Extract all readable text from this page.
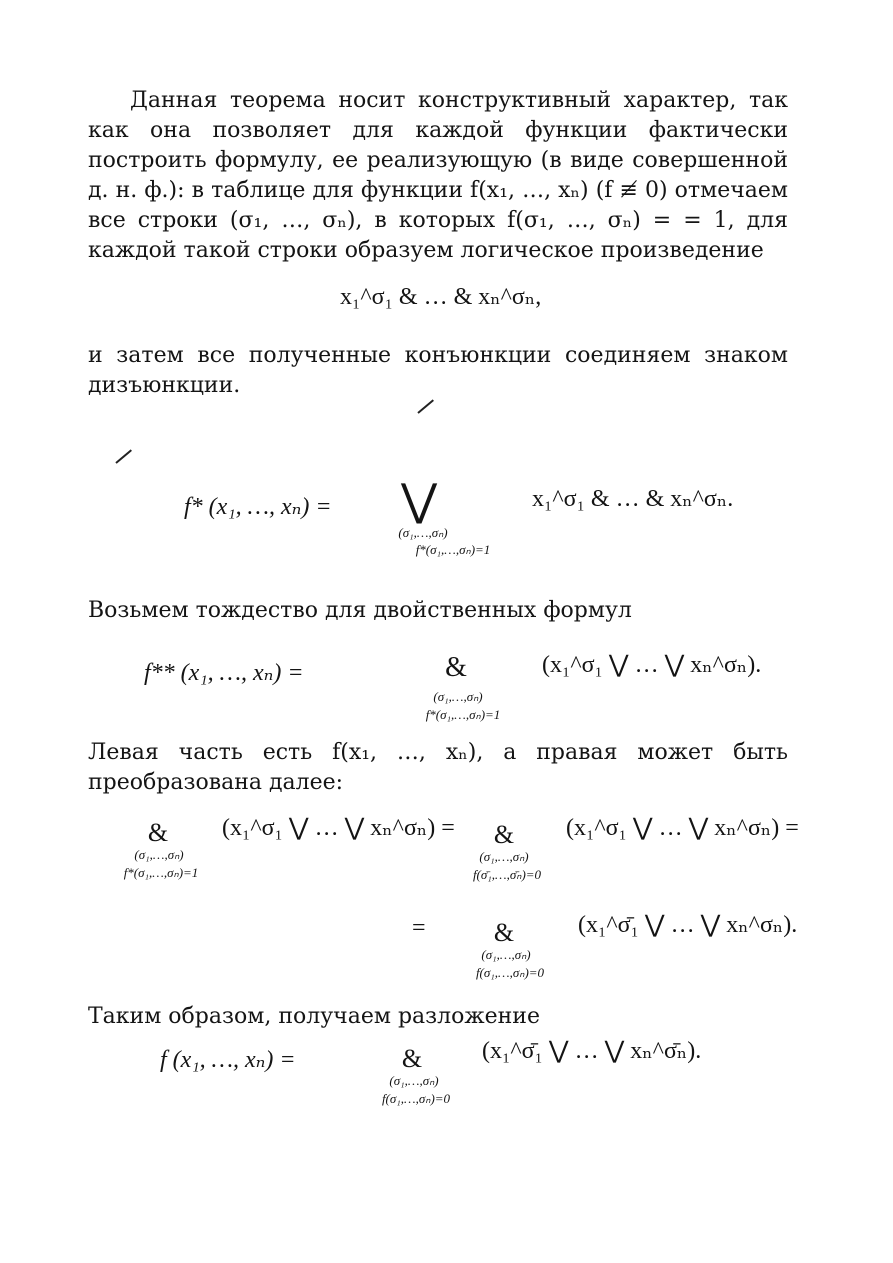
Данная теорема носит конструктивный характер, так как она позволяет для каждой функции фактически построить формулу, ее реализующую (в виде совершенной д. н. ф.): в таблице для функции f(x₁, …, xₙ) (f ≢ 0) отмечаем все строки (σ₁, …, σₙ), в которых f(σ₁, …, σₙ) = = 1, для каждой такой строки образуем логическое произведение

x₁^σ₁ & … & xₙ^σₙ,

и затем все полученные конъюнкции соединяем знаком дизъюнкции.

f* (x₁, …, xₙ) = ⋁
(σ₁,…,σₙ)
f*(σ₁,…,σₙ)=1
x₁^σ₁ & … & xₙ^σₙ.

Возьмем тождество для двойственных формул

f** (x₁, …, xₙ) =	&
(σ₁,…,σₙ)
f*(σ₁,…,σₙ)=1
(x₁^σ₁ ⋁ … ⋁ xₙ^σₙ).

Левая часть есть f(x₁, …, xₙ), а правая может быть преобразована далее:

&
(σ₁,…,σₙ)
f*(σ₁,…,σₙ)=1
(x₁^σ₁ ⋁ … ⋁ xₙ^σₙ) = &
(σ₁,…,σₙ)
f(σ̄₁,…,σ̄ₙ)=0
(x₁^σ₁ ⋁ … ⋁ xₙ^σₙ) =
=	&
(σ₁,…,σₙ)
f(σ₁,…,σₙ)=0
(x₁^σ̄₁ ⋁ … ⋁ xₙ^σₙ).

Таким образом, получаем разложение

f (x₁, …, xₙ) =	&
(σ₁,…,σₙ)
f(σ₁,…,σₙ)=0
(x₁^σ̄₁ ⋁ … ⋁ xₙ^σ̄ₙ).
